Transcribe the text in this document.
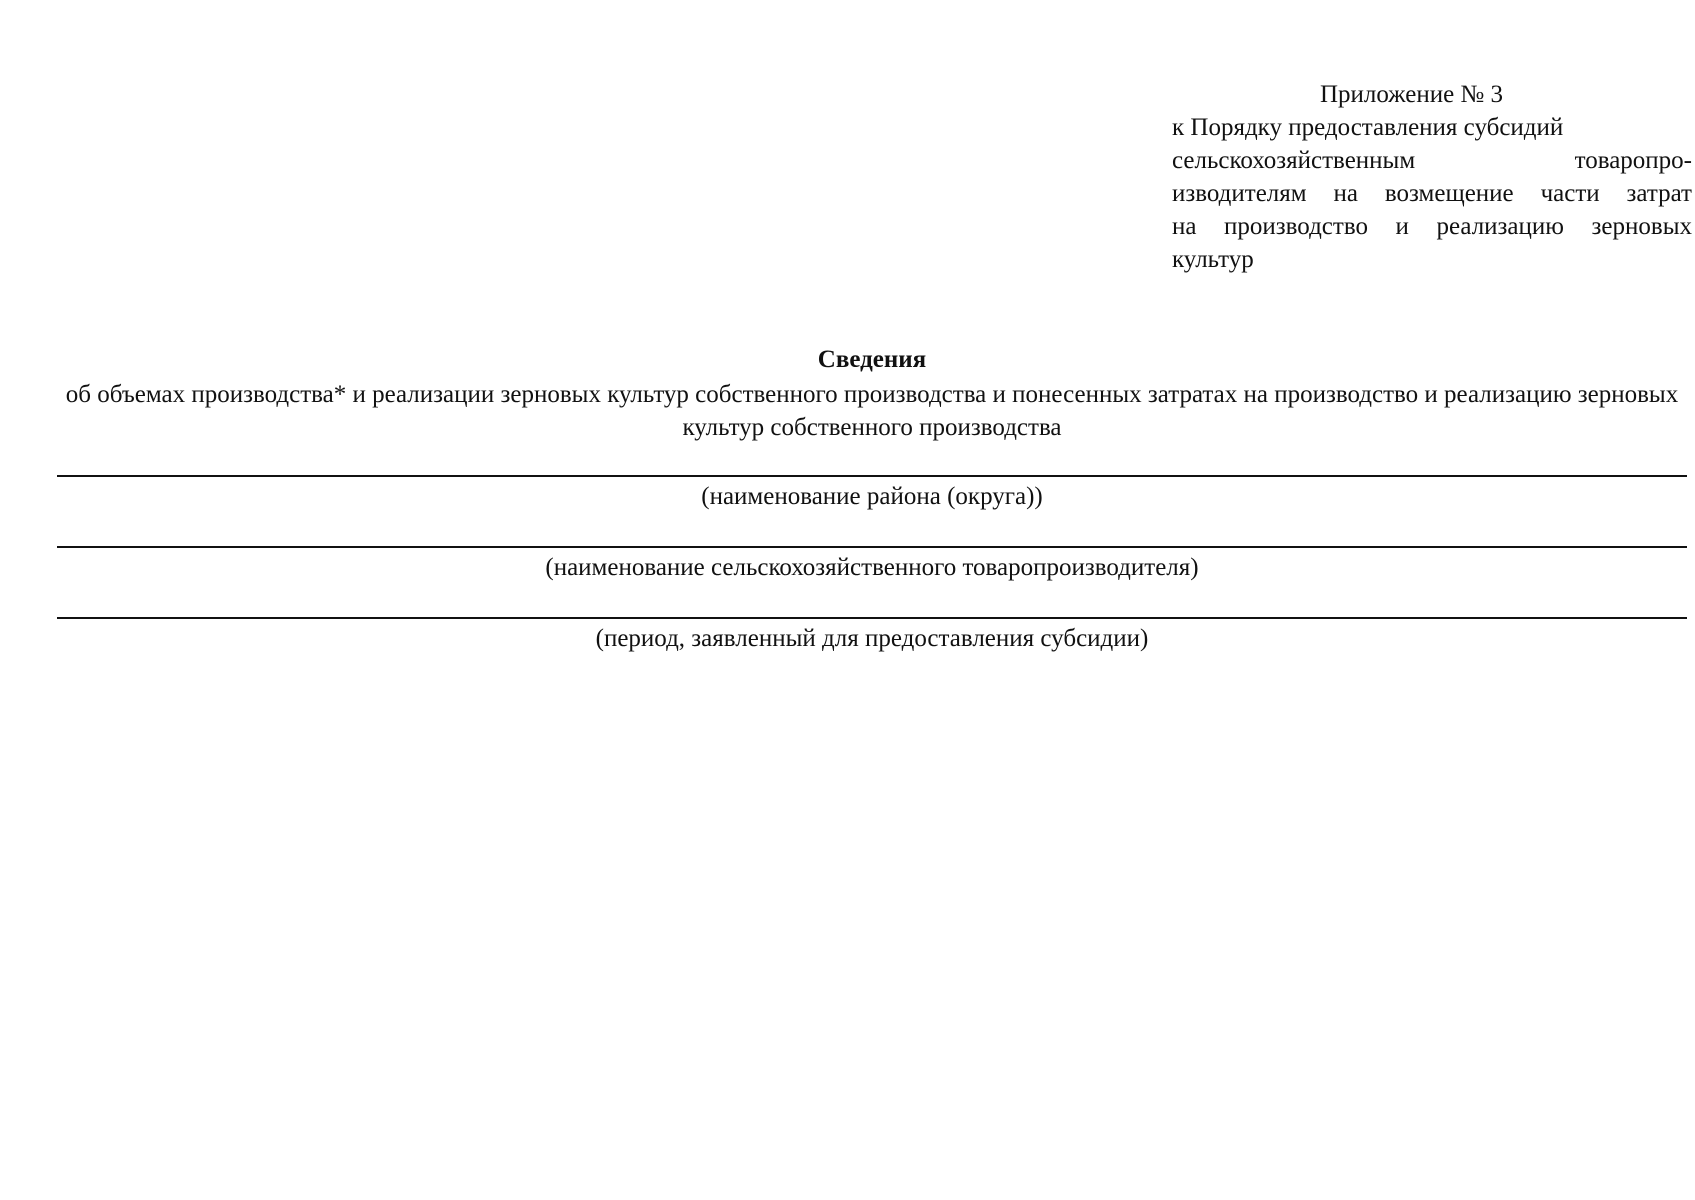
Приложение № 3
к Порядку предоставления субсидий
сельскохозяйственным товаропро-
изводителям на возмещение части затрат
на производство и реализацию зерновых
культур
Сведения
об объемах производства* и реализации зерновых культур собственного производства и понесенных затратах на производство и реализацию зерновых культур собственного производства
(наименование района (округа))
(наименование сельскохозяйственного товаропроизводителя)
(период, заявленный для предоставления субсидии)
